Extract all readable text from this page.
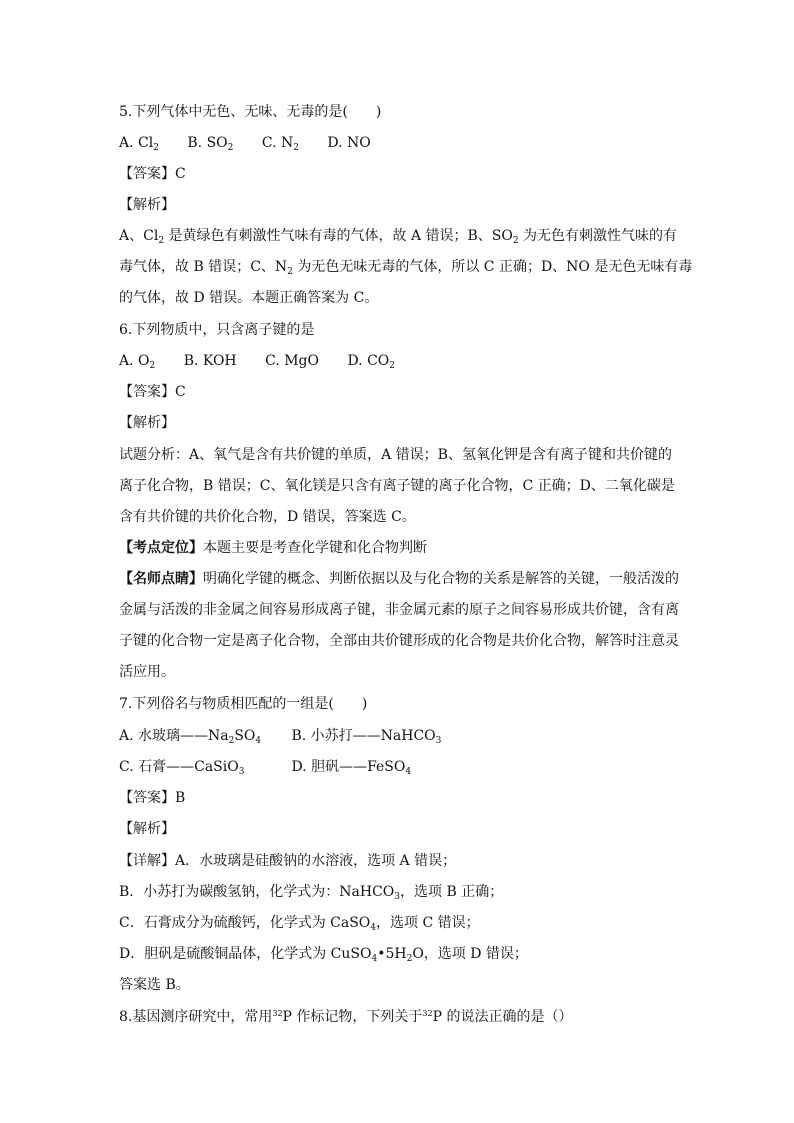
5.下列气体中无色、无味、无毒的是(　　)
A. $Cl_2$ B. $SO_2$ C. $N_2$ D. NO
【答案】C
【解析】
A、$Cl_2$ 是黄绿色有刺激性气味有毒的气体，故 A 错误；B、$SO_2$ 为无色有刺激性气味的有
毒气体，故 B 错误；C、$N_2$ 为无色无味无毒的气体，所以 C 正确；D、NO 是无色无味有毒
的气体，故 D 错误。本题正确答案为 C。
6.下列物质中，只含离子键的是
A. $O_2$ B. KOH C. MgO D. $CO_2$
【答案】C
【解析】
试题分析：A、氧气是含有共价键的单质，A 错误；B、氢氧化钾是含有离子键和共价键的
离子化合物，B 错误；C、氧化镁是只含有离子键的离子化合物，C 正确；D、二氧化碳是
含有共价键的共价化合物，D 错误，答案选 C。
【考点定位】本题主要是考查化学键和化合物判断
【名师点睛】明确化学键的概念、判断依据以及与化合物的关系是解答的关键，一般活泼的
金属与活泼的非金属之间容易形成离子键，非金属元素的原子之间容易形成共价键，含有离
子键的化合物一定是离子化合物，全部由共价键形成的化合物是共价化合物，解答时注意灵
活应用。
7.下列俗名与物质相匹配的一组是(　　)
A. 水玻璃$——Na_2SO_4$ B. 小苏打——NaHCO$_3$
C. 石膏——CaSiO$_3$	D. 胆矾——FeSO$_4$
【答案】B
【解析】
【详解】A．水玻璃是硅酸钠的水溶液，选项 A 错误；
B．小苏打为碳酸氢钠，化学式为：NaHCO$_3$，选项 B 正确；
C．石膏成分为硫酸钙，化学式为 CaSO$_4$，选项 C 错误；
D．胆矾是硫酸铜晶体，化学式为 $CuSO_4•5H_2O$，选项 D 错误；
答案选 B。
8.基因测序研究中，常用$^{32}$P 作标记物，下列关于$^{32}$P 的说法正确的是（）
